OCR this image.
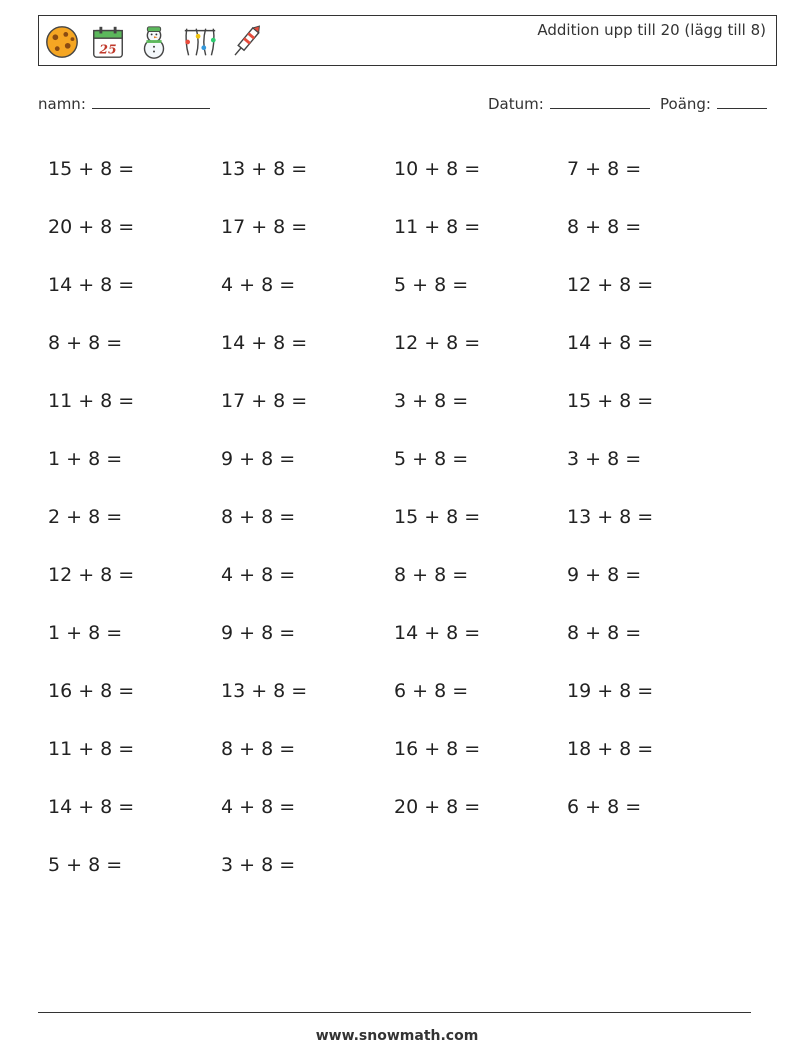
25
Addition upp till 20 (lägg till 8)
namn:	Datum:	Poäng:
15 + 8 =	13 + 8 =	10 + 8 =	7 + 8 =
20 + 8 =	17 + 8 =	11 + 8 =	8 + 8 =
14 + 8 =	4 + 8 =	5 + 8 =	12 + 8 =
8 + 8 =	14 + 8 =	12 + 8 =	14 + 8 =
11 + 8 =	17 + 8 =	3 + 8 =	15 + 8 =
1 + 8 =	9 + 8 =	5 + 8 =	3 + 8 =
2 + 8 =	8 + 8 =	15 + 8 =	13 + 8 =
12 + 8 =	4 + 8 =	8 + 8 =	9 + 8 =
1 + 8 =	9 + 8 =	14 + 8 =	8 + 8 =
16 + 8 =	13 + 8 =	6 + 8 =	19 + 8 =
11 + 8 =	8 + 8 =	16 + 8 =	18 + 8 =
14 + 8 =	4 + 8 =	20 + 8 =	6 + 8 =
5 + 8 =	3 + 8 =
www.snowmath.com
